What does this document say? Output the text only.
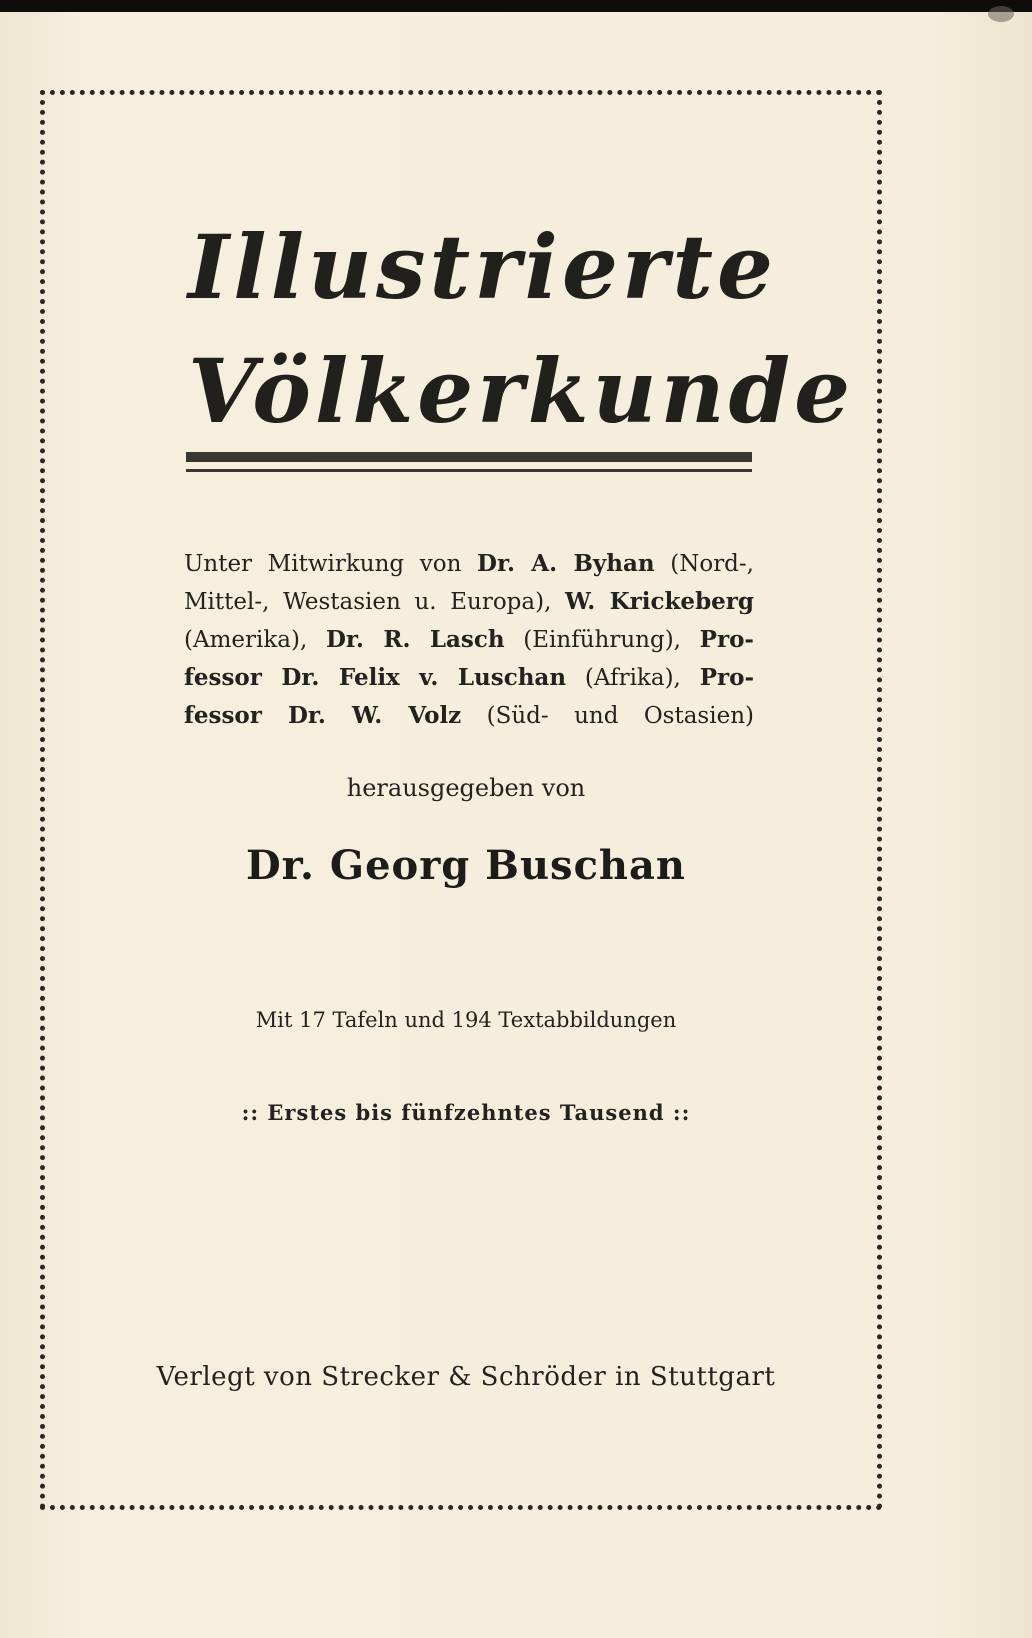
Illustrierte
Völkerkunde
Unter Mitwirkung von Dr. A. Byhan (Nord-,
Mittel-, Westasien u. Europa), W. Krickeberg
(Amerika), Dr. R. Lasch (Einführung), Pro-
fessor Dr. Felix v. Luschan (Afrika), Pro-
fessor Dr. W. Volz (Süd- und Ostasien)
herausgegeben von
Dr. Georg Buschan
Mit 17 Tafeln und 194 Textabbildungen
:: Erstes bis fünfzehntes Tausend ::
Verlegt von Strecker & Schröder in Stuttgart
